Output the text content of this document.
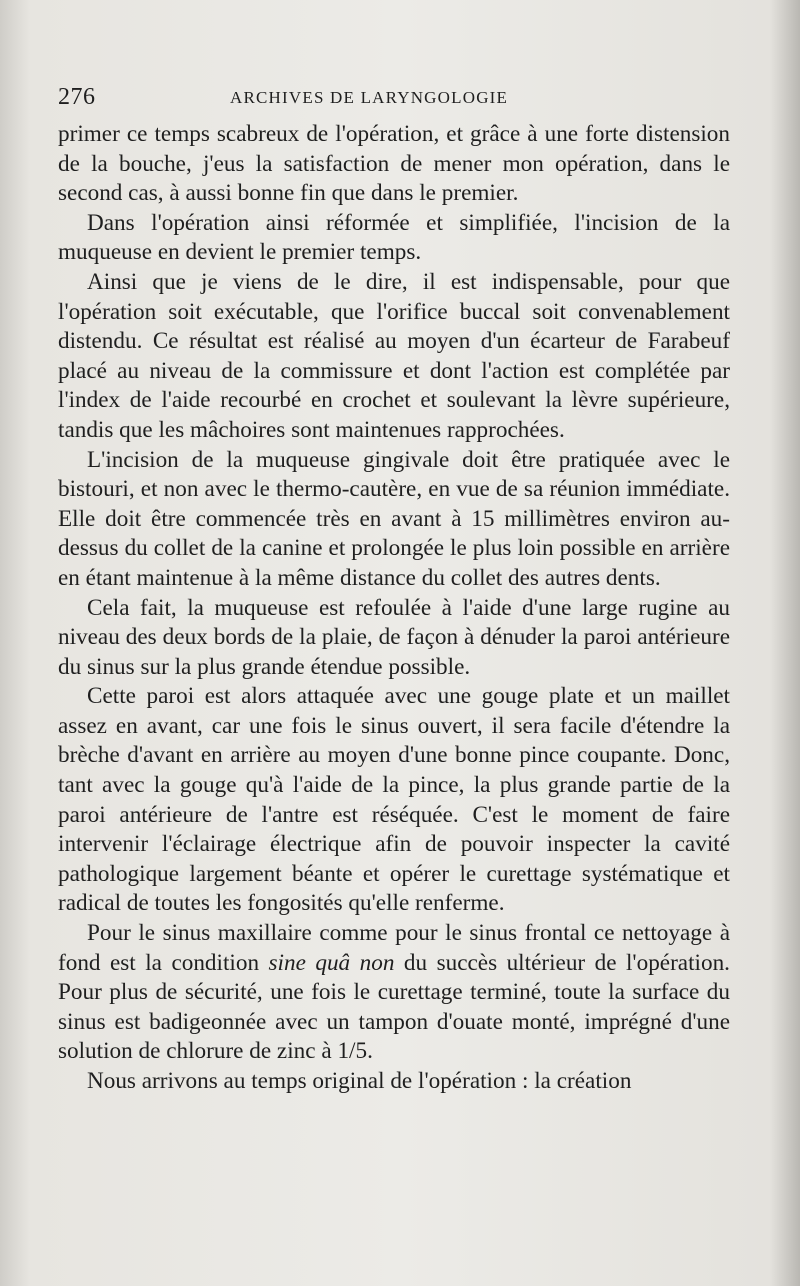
276	ARCHIVES DE LARYNGOLOGIE

primer ce temps scabreux de l'opération, et grâce à une forte distension de la bouche, j'eus la satisfaction de mener mon opération, dans le second cas, à aussi bonne fin que dans le premier.

Dans l'opération ainsi réformée et simplifiée, l'incision de la muqueuse en devient le premier temps.

Ainsi que je viens de le dire, il est indispensable, pour que l'opération soit exécutable, que l'orifice buccal soit convenablement distendu. Ce résultat est réalisé au moyen d'un écarteur de Farabeuf placé au niveau de la commissure et dont l'action est complétée par l'index de l'aide recourbé en crochet et soulevant la lèvre supérieure, tandis que les mâchoires sont maintenues rapprochées.

L'incision de la muqueuse gingivale doit être pratiquée avec le bistouri, et non avec le thermo-cautère, en vue de sa réunion immédiate. Elle doit être commencée très en avant à 15 millimètres environ au-dessus du collet de la canine et prolongée le plus loin possible en arrière en étant maintenue à la même distance du collet des autres dents.

Cela fait, la muqueuse est refoulée à l'aide d'une large rugine au niveau des deux bords de la plaie, de façon à dénuder la paroi antérieure du sinus sur la plus grande étendue possible.

Cette paroi est alors attaquée avec une gouge plate et un maillet assez en avant, car une fois le sinus ouvert, il sera facile d'étendre la brèche d'avant en arrière au moyen d'une bonne pince coupante. Donc, tant avec la gouge qu'à l'aide de la pince, la plus grande partie de la paroi antérieure de l'antre est réséquée. C'est le moment de faire intervenir l'éclairage électrique afin de pouvoir inspecter la cavité pathologique largement béante et opérer le curettage systématique et radical de toutes les fongosités qu'elle renferme.

Pour le sinus maxillaire comme pour le sinus frontal ce nettoyage à fond est la condition sine quâ non du succès ultérieur de l'opération. Pour plus de sécurité, une fois le curettage terminé, toute la surface du sinus est badigeonnée avec un tampon d'ouate monté, imprégné d'une solution de chlorure de zinc à 1/5.

Nous arrivons au temps original de l'opération : la création
